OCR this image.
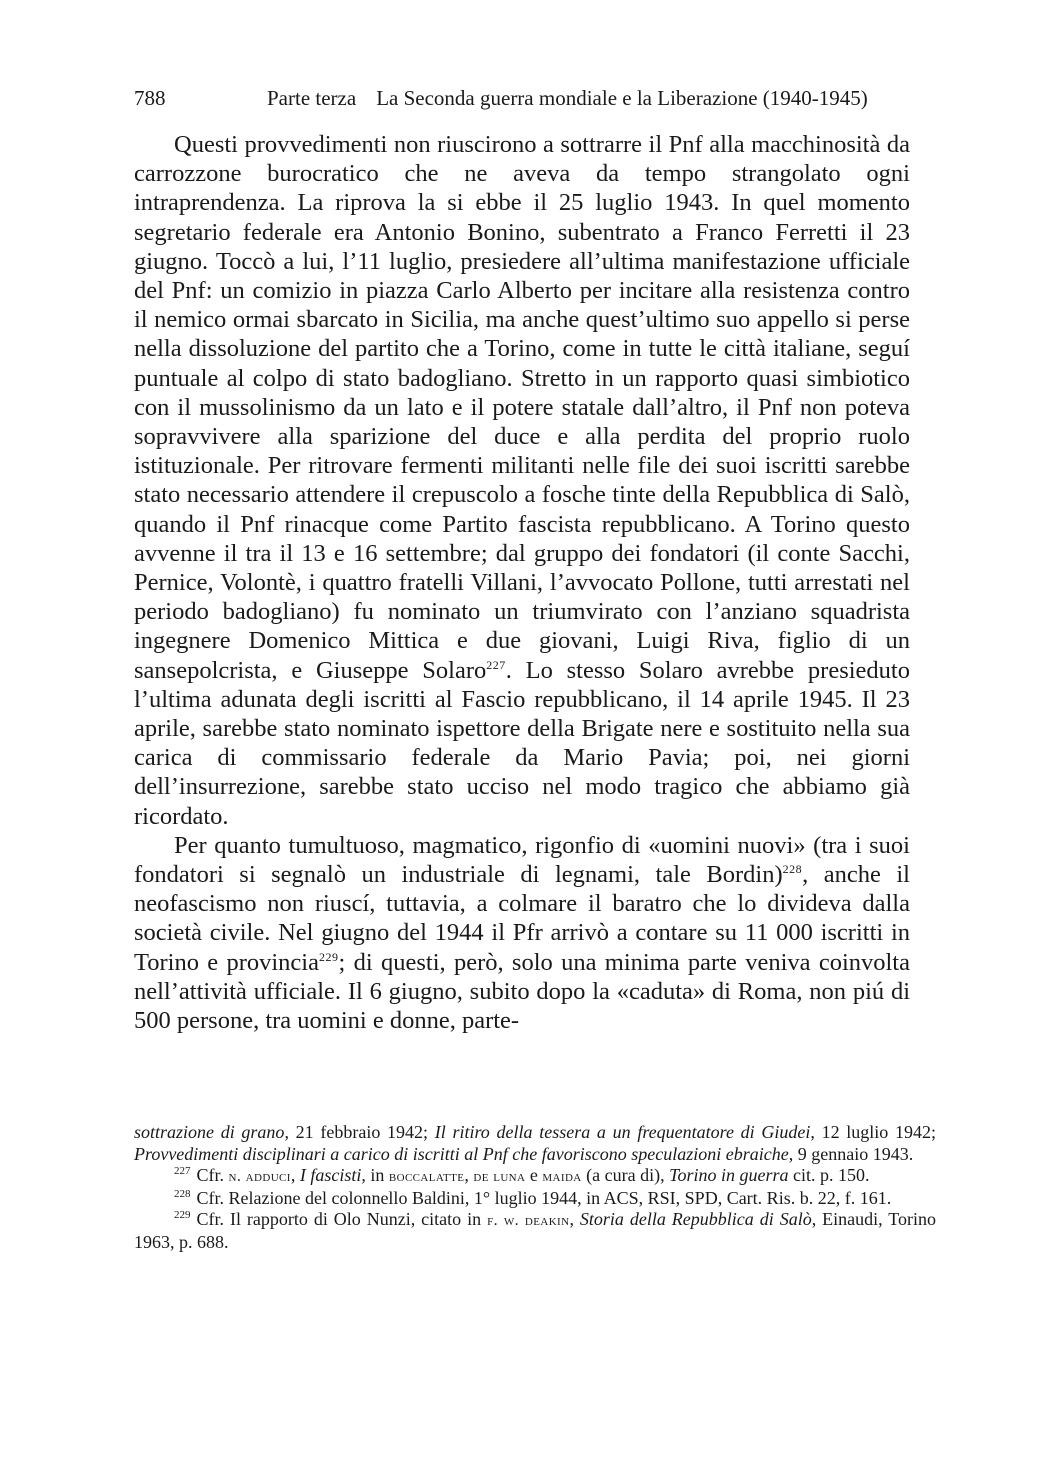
788	Parte terza La Seconda guerra mondiale e la Liberazione (1940-1945)

Questi provvedimenti non riuscirono a sottrarre il Pnf alla macchinosità da carrozzone burocratico che ne aveva da tempo strangolato ogni intraprendenza. La riprova la si ebbe il 25 luglio 1943. In quel momento segretario federale era Antonio Bonino, subentrato a Franco Ferretti il 23 giugno. Toccò a lui, l’11 luglio, presiedere all’ultima manifestazione ufficiale del Pnf: un comizio in piazza Carlo Alberto per incitare alla resistenza contro il nemico ormai sbarcato in Sicilia, ma anche quest’ultimo suo appello si perse nella dissoluzione del partito che a Torino, come in tutte le città italiane, seguí puntuale al colpo di stato badogliano. Stretto in un rapporto quasi simbiotico con il mussolinismo da un lato e il potere statale dall’altro, il Pnf non poteva sopravvivere alla sparizione del duce e alla perdita del proprio ruolo istituzionale. Per ritrovare fermenti militanti nelle file dei suoi iscritti sarebbe stato necessario attendere il crepuscolo a fosche tinte della Repubblica di Salò, quando il Pnf rinacque come Partito fascista repubblicano. A Torino questo avvenne il tra il 13 e 16 settembre; dal gruppo dei fondatori (il conte Sacchi, Pernice, Volontè, i quattro fratelli Villani, l’avvocato Pollone, tutti arrestati nel periodo badogliano) fu nominato un triumvirato con l’anziano squadrista ingegnere Domenico Mittica e due giovani, Luigi Riva, figlio di un sansepolcrista, e Giuseppe Solaro$^{227}$. Lo stesso Solaro avrebbe presieduto l’ultima adunata degli iscritti al Fascio repubblicano, il 14 aprile 1945. Il 23 aprile, sarebbe stato nominato ispettore della Brigate nere e sostituito nella sua carica di commissario federale da Mario Pavia; poi, nei giorni dell’insurrezione, sarebbe stato ucciso nel modo tragico che abbiamo già ricordato.

Per quanto tumultuoso, magmatico, rigonfio di «uomini nuovi» (tra i suoi fondatori si segnalò un industriale di legnami, tale Bordin)$^{228}$, anche il neofascismo non riuscí, tuttavia, a colmare il baratro che lo divideva dalla società civile. Nel giugno del 1944 il Pfr arrivò a contare su 11 000 iscritti in Torino e provincia$^{229}$; di questi, però, solo una minima parte veniva coinvolta nell’attività ufficiale. Il 6 giugno, subito dopo la «caduta» di Roma, non piú di 500 persone, tra uomini e donne, parte-

sottrazione di grano, 21 febbraio 1942; Il ritiro della tessera a un frequentatore di Giudei, 12 luglio 1942; Provvedimenti disciplinari a carico di iscritti al Pnf che favoriscono speculazioni ebraiche, 9 gennaio 1943.

$^{227}$ Cfr. n. adduci, I fascisti, in boccalatte, de luna e maida (a cura di), Torino in guerra cit. p. 150.

$^{228}$ Cfr. Relazione del colonnello Baldini, 1° luglio 1944, in ACS, RSI, SPD, Cart. Ris. b. 22, f. 161.

$^{229}$ Cfr. Il rapporto di Olo Nunzi, citato in f. w. deakin, Storia della Repubblica di Salò, Einaudi, Torino 1963, p. 688.
